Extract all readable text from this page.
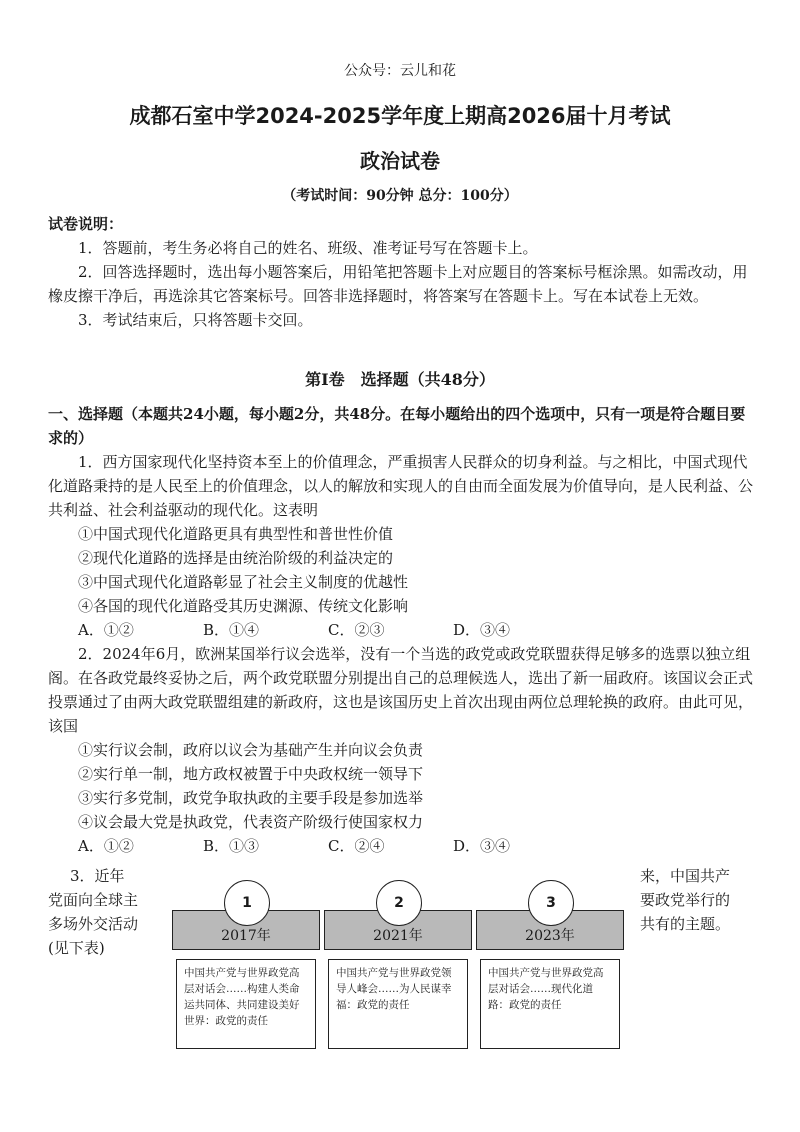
公众号：云儿和花
成都石室中学2024-2025学年度上期高2026届十月考试
政治试卷
（考试时间：90分钟 总分：100分）
试卷说明：
1．答题前，考生务必将自己的姓名、班级、准考证号写在答题卡上。
2．回答选择题时，选出每小题答案后，用铅笔把答题卡上对应题目的答案标号框涂黑。如需改动，用橡皮擦干净后，再选涂其它答案标号。回答非选择题时，将答案写在答题卡上。写在本试卷上无效。
3．考试结束后，只将答题卡交回。
第Ⅰ卷　选择题（共48分）
一、选择题（本题共24小题，每小题2分，共48分。在每小题给出的四个选项中，只有一项是符合题目要求的）
1．西方国家现代化坚持资本至上的价值理念，严重损害人民群众的切身利益。与之相比，中国式现代化道路秉持的是人民至上的价值理念，以人的解放和实现人的自由而全面发展为价值导向，是人民利益、公共利益、社会利益驱动的现代化。这表明
①中国式现代化道路更具有典型性和普世性价值
②现代化道路的选择是由统治阶级的利益决定的
③中国式现代化道路彰显了社会主义制度的优越性
④各国的现代化道路受其历史渊源、传统文化影响
A．①②	B．①④	C．②③	D．③④
2．2024年6月，欧洲某国举行议会选举，没有一个当选的政党或政党联盟获得足够多的选票以独立组阁。在各政党最终妥协之后，两个政党联盟分别提出自己的总理候选人，选出了新一届政府。该国议会正式投票通过了由两大政党联盟组建的新政府，这也是该国历史上首次出现由两位总理轮换的政府。由此可见，该国
①实行议会制，政府以议会为基础产生并向议会负责
②实行单一制，地方政权被置于中央政权统一领导下
③实行多党制，政党争取执政的主要手段是参加选举
④议会最大党是执政党，代表资产阶级行使国家权力
A．①②	B．①③	C．②④	D．③④
3．近年
党面向全球主
多场外交活动
(见下表)
来，中国共产
要政党举行的
共有的主题。
2017年	2021年	2023年
1	2	3
中国共产党与世界政党高层对话会……构建人类命运共同体、共同建设美好世界：政党的责任
中国共产党与世界政党领导人峰会……为人民谋幸福：政党的责任
中国共产党与世界政党高层对话会……现代化道路：政党的责任
